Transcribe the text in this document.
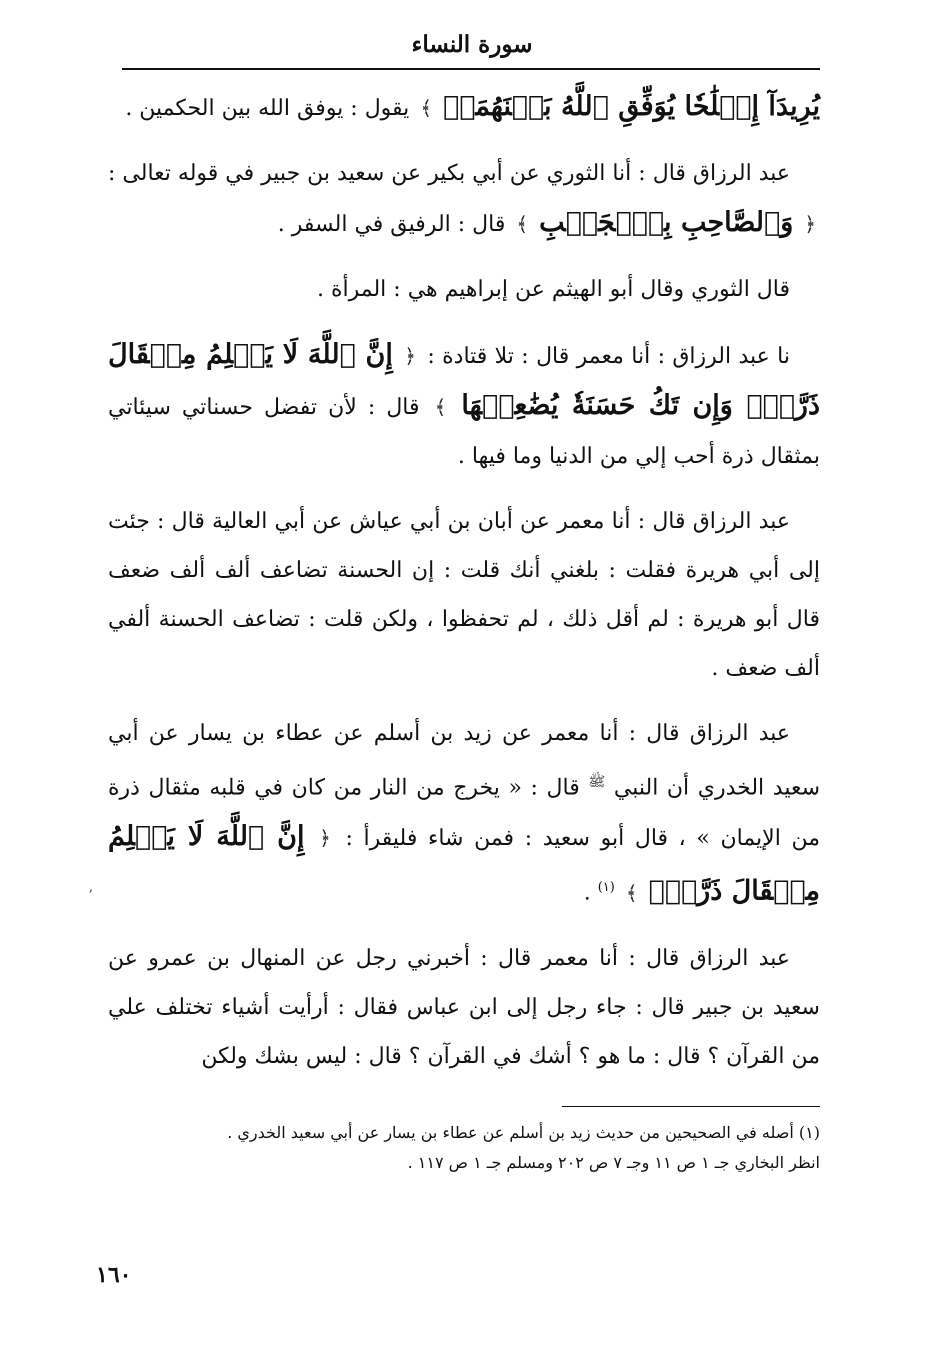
سورة النساء

يُرِيدَآ إِصۡلَٰحٗا يُوَفِّقِ ٱللَّهُ بَيۡنَهُمَآۗ ﴾ يقول : يوفق الله بين الحكمين .

عبد الرزاق قال : أنا الثوري عن أبي بكير عن سعيد بن جبير في قوله تعالى : ﴿ وَٱلصَّاحِبِ بِٱلۡجَنۢبِ ﴾ قال : الرفيق في السفر .

قال الثوري وقال أبو الهيثم عن إبراهيم هي : المرأة .

نا عبد الرزاق : أنا معمر قال : تلا قتادة : ﴿ إِنَّ ٱللَّهَ لَا يَظۡلِمُ مِثۡقَالَ ذَرَّةٖۖ وَإِن تَكُ حَسَنَةٗ يُضَٰعِفۡهَا ﴾ قال : لأن تفضل حسناتي سيئاتي بمثقال ذرة أحب إلي من الدنيا وما فيها .

عبد الرزاق قال : أنا معمر عن أبان بن أبي عياش عن أبي العالية قال : جئت إلى أبي هريرة فقلت : بلغني أنك قلت : إن الحسنة تضاعف ألف ألف ضعف قال أبو هريرة : لم أقل ذلك ، لم تحفظوا ، ولكن قلت : تضاعف الحسنة ألفي ألف ضعف .

عبد الرزاق قال : أنا معمر عن زيد بن أسلم عن عطاء بن يسار عن أبي سعيد الخدري أن النبي $^ﷺ$ قال : « يخرج من النار من كان في قلبه مثقال ذرة من الإيمان » ، قال أبو سعيد : فمن شاء فليقرأ : ﴿ إِنَّ ٱللَّهَ لَا يَظۡلِمُ مِثۡقَالَ ذَرَّةٖۖ ﴾ $^{(١)}$ .

عبد الرزاق قال : أنا معمر قال : أخبرني رجل عن المنهال بن عمرو عن سعيد بن جبير قال : جاء رجل إلى ابن عباس فقال : أرأيت أشياء تختلف علي من القرآن ؟ قال : ما هو ؟ أشك في القرآن ؟ قال : ليس بشك ولكن

ʼ

(١) أصله في الصحيحين من حديث زيد بن أسلم عن عطاء بن يسار عن أبي سعيد الخدري .

انظر البخاري جـ ١ ص ١١ وجـ ٧ ص ٢٠٢ ومسلم جـ ١ ص ١١٧ .

١٦٠
